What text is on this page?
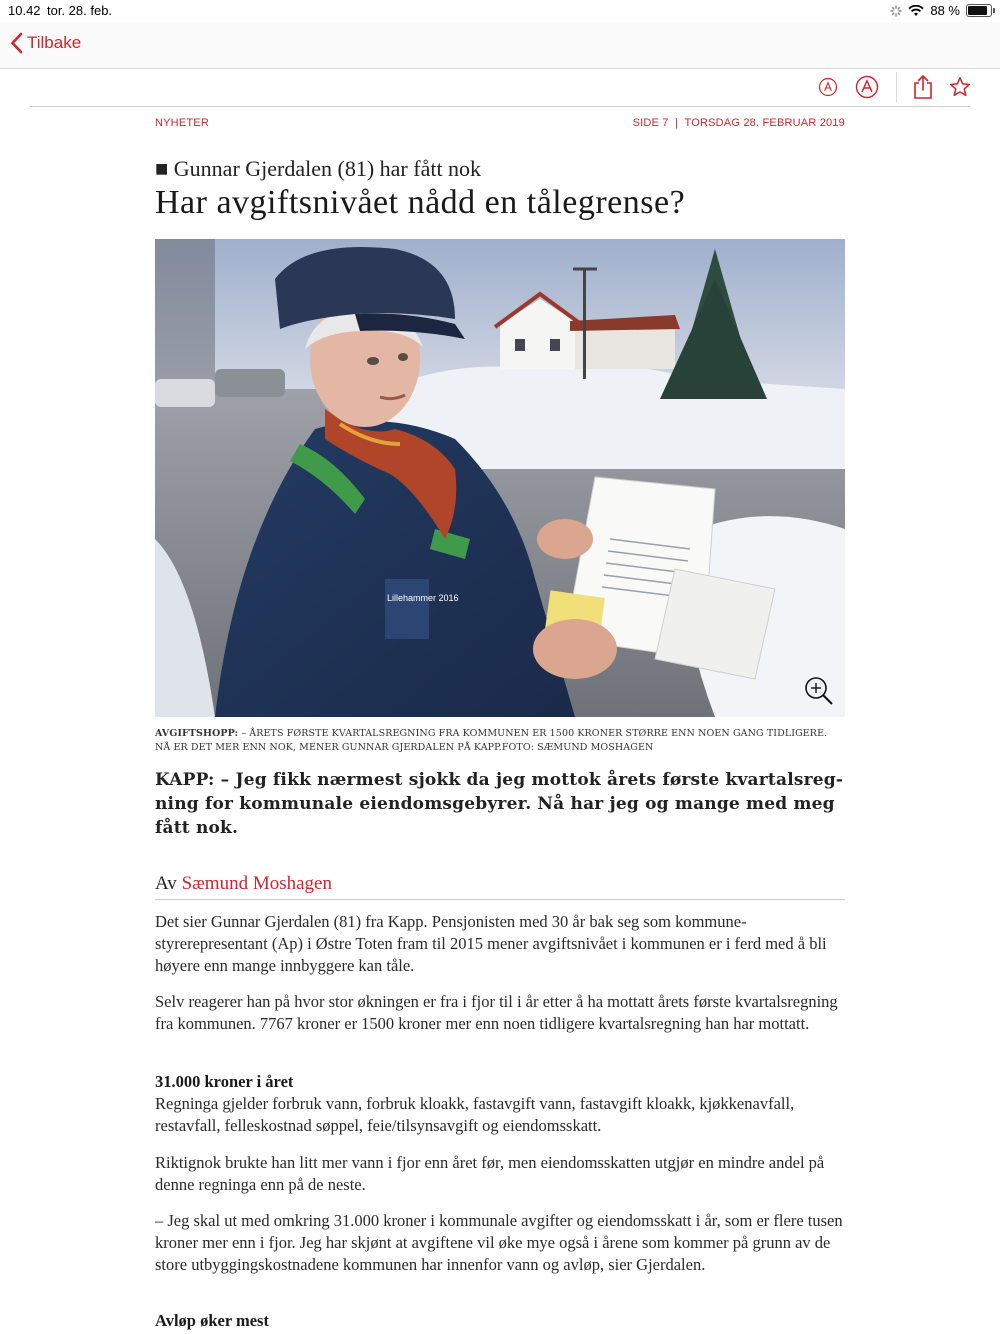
10.42 tor. 28. feb.	88 %
Tilbake
NYHETER	SIDE 7  |  TORSDAG 28. FEBRUAR 2019
■ Gunnar Gjerdalen (81) har fått nok
Har avgiftsnivået nådd en tålegrense?
Lillehammer 2016
AVGIFTSHOPP: – ÅRETS FØRSTE KVARTALSREGNING FRA KOMMUNEN ER 1500 KRONER STØRRE ENN NOEN GANG TIDLIGERE. NÅ ER DET MER ENN NOK, MENER GUNNAR GJERDALEN PÅ KAPP.FOTO: SÆMUND MOSHAGEN
KAPP: – Jeg fikk nærmest sjokk da jeg mottok årets første kvartalsregning for kommunale eiendomsgebyrer. Nå har jeg og mange med meg fått nok.
Av Sæmund Moshagen
Det sier Gunnar Gjerdalen (81) fra Kapp. Pensjonisten med 30 år bak seg som kommunestyrerepresentant (Ap) i Østre Toten fram til 2015 mener avgiftsnivået i kommunen er i ferd med å bli høyere enn mange innbyggere kan tåle.
Selv reagerer han på hvor stor økningen er fra i fjor til i år etter å ha mottatt årets første kvartalsregning fra kommunen. 7767 kroner er 1500 kroner mer enn noen tidligere kvartalsregning han har mottatt.
31.000 kroner i året
Regninga gjelder forbruk vann, forbruk kloakk, fastavgift vann, fastavgift kloakk, kjøkkenavfall, restavfall, felleskostnad søppel, feie/tilsynsavgift og eiendomsskatt.
Riktignok brukte han litt mer vann i fjor enn året før, men eiendomsskatten utgjør en mindre andel på denne regninga enn på de neste.
– Jeg skal ut med omkring 31.000 kroner i kommunale avgifter og eiendomsskatt i år, som er flere tusen kroner mer enn i fjor. Jeg har skjønt at avgiftene vil øke mye også i årene som kommer på grunn av de store utbyggingskostnadene kommunen har innenfor vann og avløp, sier Gjerdalen.
Avløp øker mest
